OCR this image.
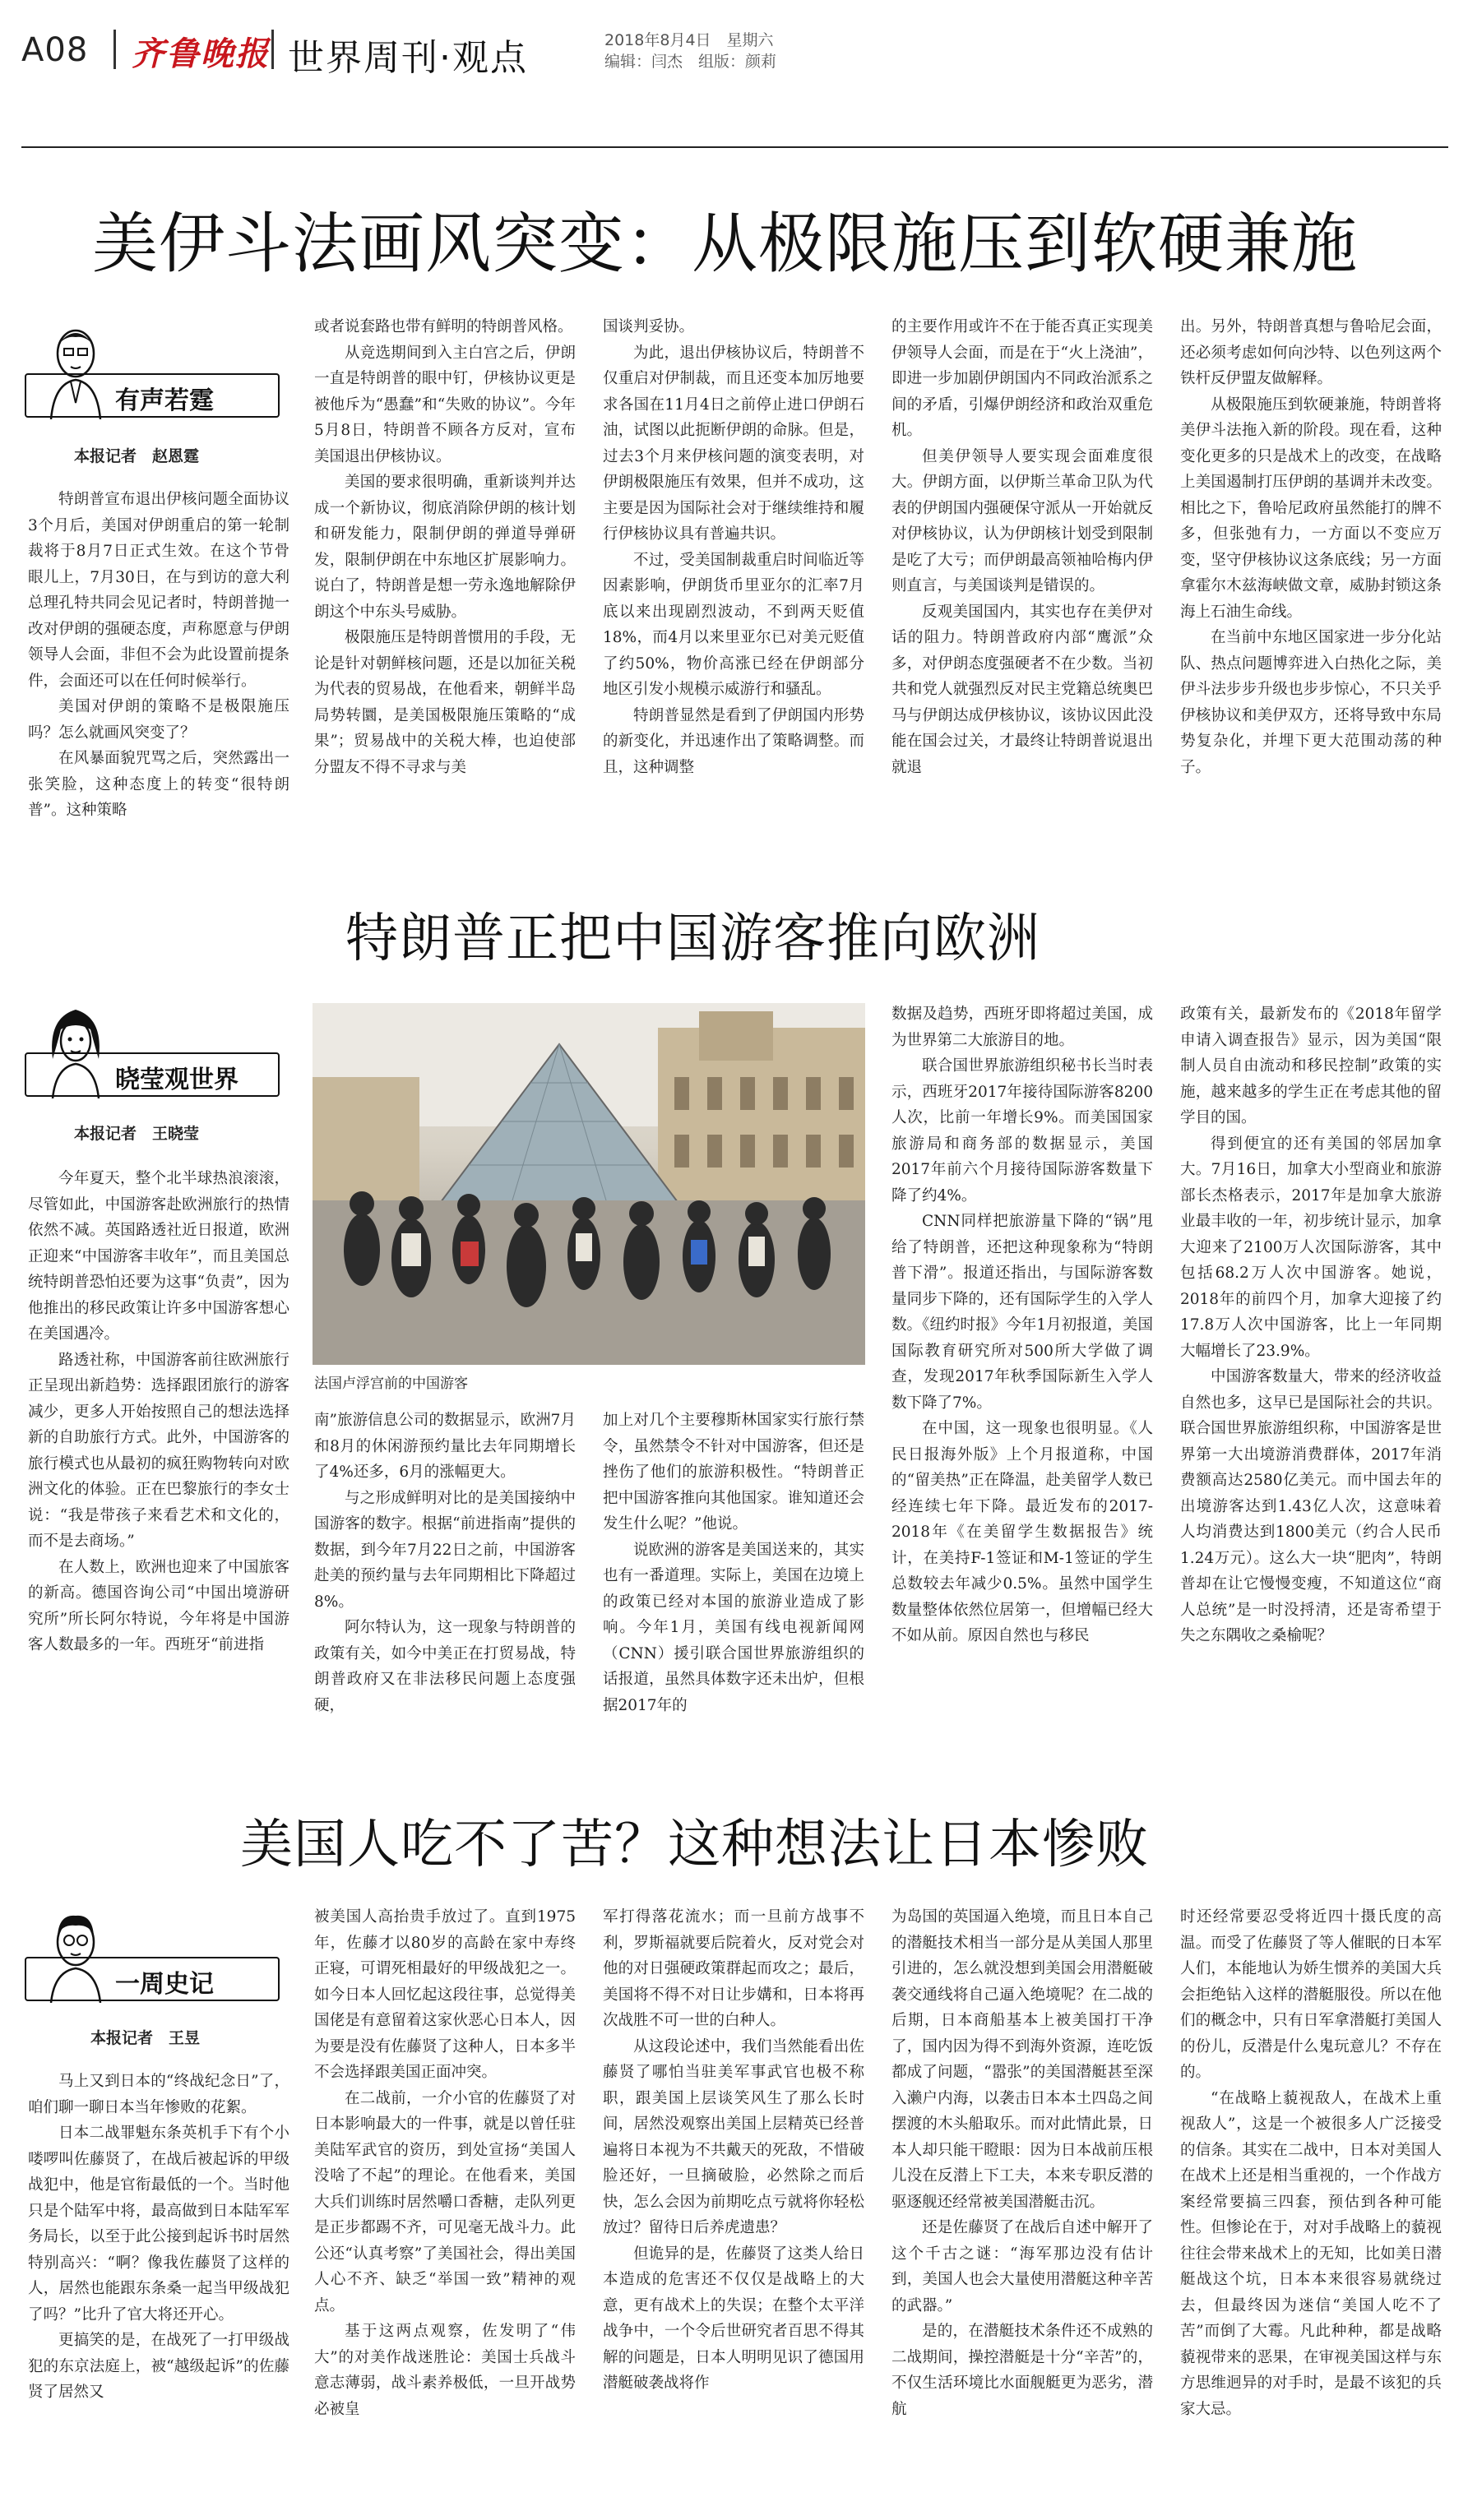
A08 齐鲁晚报 世界周刊·观点	2018年8月4日　星期六
编辑：闫杰　组版：颜莉
美伊斗法画风突变：从极限施压到软硬兼施
有声若霆
本报记者　赵恩霆

特朗普宣布退出伊核问题全面协议3个月后，美国对伊朗重启的第一轮制裁将于8月7日正式生效。在这个节骨眼儿上，7月30日，在与到访的意大利总理孔特共同会见记者时，特朗普抛一改对伊朗的强硬态度，声称愿意与伊朗领导人会面，非但不会为此设置前提条件，会面还可以在任何时候举行。

美国对伊朗的策略不是极限施压吗？怎么就画风突变了？

在风暴面貌咒骂之后，突然露出一张笑脸，这种态度上的转变“很特朗普”。这种策略

或者说套路也带有鲜明的特朗普风格。

从竞选期间到入主白宫之后，伊朗一直是特朗普的眼中钉，伊核协议更是被他斥为“愚蠢”和“失败的协议”。今年5月8日，特朗普不顾各方反对，宣布美国退出伊核协议。

美国的要求很明确，重新谈判并达成一个新协议，彻底消除伊朗的核计划和研发能力，限制伊朗的弹道导弹研发，限制伊朗在中东地区扩展影响力。说白了，特朗普是想一劳永逸地解除伊朗这个中东头号威胁。

极限施压是特朗普惯用的手段，无论是针对朝鲜核问题，还是以加征关税为代表的贸易战，在他看来，朝鲜半岛局势转圜，是美国极限施压策略的“成果”；贸易战中的关税大棒，也迫使部分盟友不得不寻求与美

国谈判妥协。

为此，退出伊核协议后，特朗普不仅重启对伊制裁，而且还变本加厉地要求各国在11月4日之前停止进口伊朗石油，试图以此扼断伊朗的命脉。但是，过去3个月来伊核问题的演变表明，对伊朗极限施压有效果，但并不成功，这主要是因为国际社会对于继续维持和履行伊核协议具有普遍共识。

不过，受美国制裁重启时间临近等因素影响，伊朗货币里亚尔的汇率7月底以来出现剧烈波动，不到两天贬值18%，而4月以来里亚尔已对美元贬值了约50%，物价高涨已经在伊朗部分地区引发小规模示威游行和骚乱。

特朗普显然是看到了伊朗国内形势的新变化，并迅速作出了策略调整。而且，这种调整

的主要作用或许不在于能否真正实现美伊领导人会面，而是在于“火上浇油”，即进一步加剧伊朗国内不同政治派系之间的矛盾，引爆伊朗经济和政治双重危机。

但美伊领导人要实现会面难度很大。伊朗方面，以伊斯兰革命卫队为代表的伊朗国内强硬保守派从一开始就反对伊核协议，认为伊朗核计划受到限制是吃了大亏；而伊朗最高领袖哈梅内伊则直言，与美国谈判是错误的。

反观美国国内，其实也存在美伊对话的阻力。特朗普政府内部“鹰派”众多，对伊朗态度强硬者不在少数。当初共和党人就强烈反对民主党籍总统奥巴马与伊朗达成伊核协议，该协议因此没能在国会过关，才最终让特朗普说退出就退

出。另外，特朗普真想与鲁哈尼会面，还必须考虑如何向沙特、以色列这两个铁杆反伊盟友做解释。

从极限施压到软硬兼施，特朗普将美伊斗法拖入新的阶段。现在看，这种变化更多的只是战术上的改变，在战略上美国遏制打压伊朗的基调并未改变。相比之下，鲁哈尼政府虽然能打的牌不多，但张弛有力，一方面以不变应万变，坚守伊核协议这条底线；另一方面拿霍尔木兹海峡做文章，威胁封锁这条海上石油生命线。

在当前中东地区国家进一步分化站队、热点问题博弈进入白热化之际，美伊斗法步步升级也步步惊心，不只关乎伊核协议和美伊双方，还将导致中东局势复杂化，并埋下更大范围动荡的种子。

特朗普正把中国游客推向欧洲
晓莹观世界
本报记者　王晓莹
法国卢浮宫前的中国游客

今年夏天，整个北半球热浪滚滚，尽管如此，中国游客赴欧洲旅行的热情依然不减。英国路透社近日报道，欧洲正迎来“中国游客丰收年”，而且美国总统特朗普恐怕还要为这事“负责”，因为他推出的移民政策让许多中国游客想心在美国遇冷。

路透社称，中国游客前往欧洲旅行正呈现出新趋势：选择跟团旅行的游客减少，更多人开始按照自己的想法选择新的自助旅行方式。此外，中国游客的旅行模式也从最初的疯狂购物转向对欧洲文化的体验。正在巴黎旅行的李女士说：“我是带孩子来看艺术和文化的，而不是去商场。”

在人数上，欧洲也迎来了中国旅客的新高。德国咨询公司“中国出境游研究所”所长阿尔特说，今年将是中国游客人数最多的一年。西班牙“前进指

南”旅游信息公司的数据显示，欧洲7月和8月的休闲游预约量比去年同期增长了4%还多，6月的涨幅更大。

与之形成鲜明对比的是美国接纳中国游客的数字。根据“前进指南”提供的数据，到今年7月22日之前，中国游客赴美的预约量与去年同期相比下降超过8%。

阿尔特认为，这一现象与特朗普的政策有关，如今中美正在打贸易战，特朗普政府又在非法移民问题上态度强硬，

加上对几个主要穆斯林国家实行旅行禁令，虽然禁令不针对中国游客，但还是挫伤了他们的旅游积极性。“特朗普正把中国游客推向其他国家。谁知道还会发生什么呢？”他说。

说欧洲的游客是美国送来的，其实也有一番道理。实际上，美国在边境上的政策已经对本国的旅游业造成了影响。今年1月，美国有线电视新闻网（CNN）援引联合国世界旅游组织的话报道，虽然具体数字还未出炉，但根据2017年的

数据及趋势，西班牙即将超过美国，成为世界第二大旅游目的地。

联合国世界旅游组织秘书长当时表示，西班牙2017年接待国际游客8200人次，比前一年增长9%。而美国国家旅游局和商务部的数据显示，美国2017年前六个月接待国际游客数量下降了约4%。

CNN同样把旅游量下降的“锅”甩给了特朗普，还把这种现象称为“特朗普下滑”。报道还指出，与国际游客数量同步下降的，还有国际学生的入学人数。《纽约时报》今年1月初报道，美国国际教育研究所对500所大学做了调查，发现2017年秋季国际新生入学人数下降了7%。

在中国，这一现象也很明显。《人民日报海外版》上个月报道称，中国的“留美热”正在降温，赴美留学人数已经连续七年下降。最近发布的2017-2018年《在美留学生数据报告》统计，在美持F-1签证和M-1签证的学生总数较去年减少0.5%。虽然中国学生数量整体依然位居第一，但增幅已经大不如从前。原因自然也与移民

政策有关，最新发布的《2018年留学申请入调查报告》显示，因为美国“限制人员自由流动和移民控制”政策的实施，越来越多的学生正在考虑其他的留学目的国。

得到便宜的还有美国的邻居加拿大。7月16日，加拿大小型商业和旅游部长杰格表示，2017年是加拿大旅游业最丰收的一年，初步统计显示，加拿大迎来了2100万人次国际游客，其中包括68.2万人次中国游客。她说，2018年的前四个月，加拿大迎接了约17.8万人次中国游客，比上一年同期大幅增长了23.9%。

中国游客数量大，带来的经济收益自然也多，这早已是国际社会的共识。联合国世界旅游组织称，中国游客是世界第一大出境游消费群体，2017年消费额高达2580亿美元。而中国去年的出境游客达到1.43亿人次，这意味着人均消费达到1800美元（约合人民币1.24万元）。这么大一块“肥肉”，特朗普却在让它慢慢变瘦，不知道这位“商人总统”是一时没捋清，还是寄希望于失之东隅收之桑榆呢？

美国人吃不了苦？这种想法让日本惨败
一周史记
本报记者　王昱

马上又到日本的“终战纪念日”了，咱们聊一聊日本当年惨败的花絮。

日本二战罪魁东条英机手下有个小喽啰叫佐藤贤了，在战后被起诉的甲级战犯中，他是官衔最低的一个。当时他只是个陆军中将，最高做到日本陆军军务局长，以至于此公接到起诉书时居然特别高兴：“啊？像我佐藤贤了这样的人，居然也能跟东条桑一起当甲级战犯了吗？”比升了官大将还开心。

更搞笑的是，在战死了一打甲级战犯的东京法庭上，被“越级起诉”的佐藤贤了居然又

被美国人高抬贵手放过了。直到1975年，佐藤才以80岁的高龄在家中寿终正寝，可谓死相最好的甲级战犯之一。如今日本人回忆起这段往事，总觉得美国佬是有意留着这家伙恶心日本人，因为要是没有佐藤贤了这种人，日本多半不会选择跟美国正面冲突。

在二战前，一介小官的佐藤贤了对日本影响最大的一件事，就是以曾任驻美陆军武官的资历，到处宣扬“美国人没啥了不起”的理论。在他看来，美国大兵们训练时居然嚼口香糖，走队列更是正步都踢不齐，可见毫无战斗力。此公还“认真考察”了美国社会，得出美国人心不齐、缺乏“举国一致”精神的观点。

基于这两点观察，佐发明了“伟大”的对美作战迷胜论：美国士兵战斗意志薄弱，战斗素养极低，一旦开战势必被皇

军打得落花流水；而一旦前方战事不利，罗斯福就要后院着火，反对党会对他的对日强硬政策群起而攻之；最后，美国将不得不对日让步媾和，日本将再次战胜不可一世的白种人。

从这段论述中，我们当然能看出佐藤贤了哪怕当驻美军事武官也极不称职，跟美国上层谈笑风生了那么长时间，居然没观察出美国上层精英已经普遍将日本视为不共戴天的死敌，不惜破脸还好，一旦摘破脸，必然除之而后快，怎么会因为前期吃点亏就将你轻松放过？留待日后养虎遗患？

但诡异的是，佐藤贤了这类人给日本造成的危害还不仅仅是战略上的大意，更有战术上的失误；在整个太平洋战争中，一个令后世研究者百思不得其解的问题是，日本人明明见识了德国用潜艇破袭战将作

为岛国的英国逼入绝境，而且日本自己的潜艇技术相当一部分是从美国人那里引进的，怎么就没想到美国会用潜艇破袭交通线将自己逼入绝境呢？在二战的后期，日本商船基本上被美国打干净了，国内因为得不到海外资源，连吃饭都成了问题，“嚣张”的美国潜艇甚至深入濑户内海，以袭击日本本土四岛之间摆渡的木头船取乐。而对此情此景，日本人却只能干瞪眼：因为日本战前压根儿没在反潜上下工夫，本来专职反潜的驱逐舰还经常被美国潜艇击沉。

还是佐藤贤了在战后自述中解开了这个千古之谜：“海军那边没有估计到，美国人也会大量使用潜艇这种辛苦的武器。”

是的，在潜艇技术条件还不成熟的二战期间，操控潜艇是十分“辛苦”的，不仅生活环境比水面舰艇更为恶劣，潜航

时还经常要忍受将近四十摄氏度的高温。而受了佐藤贤了等人催眠的日本军人们，本能地认为娇生惯养的美国大兵会拒绝钻入这样的潜艇服役。所以在他们的概念中，只有日军拿潜艇打美国人的份儿，反潜是什么鬼玩意儿？不存在的。

“在战略上藐视敌人，在战术上重视敌人”，这是一个被很多人广泛接受的信条。其实在二战中，日本对美国人在战术上还是相当重视的，一个作战方案经常要搞三四套，预估到各种可能性。但惨论在于，对对手战略上的藐视往往会带来战术上的无知，比如美日潜艇战这个坑，日本本来很容易就绕过去，但最终因为迷信“美国人吃不了苦”而倒了大霉。凡此种种，都是战略藐视带来的恶果，在审视美国这样与东方思维迥异的对手时，是最不该犯的兵家大忌。
